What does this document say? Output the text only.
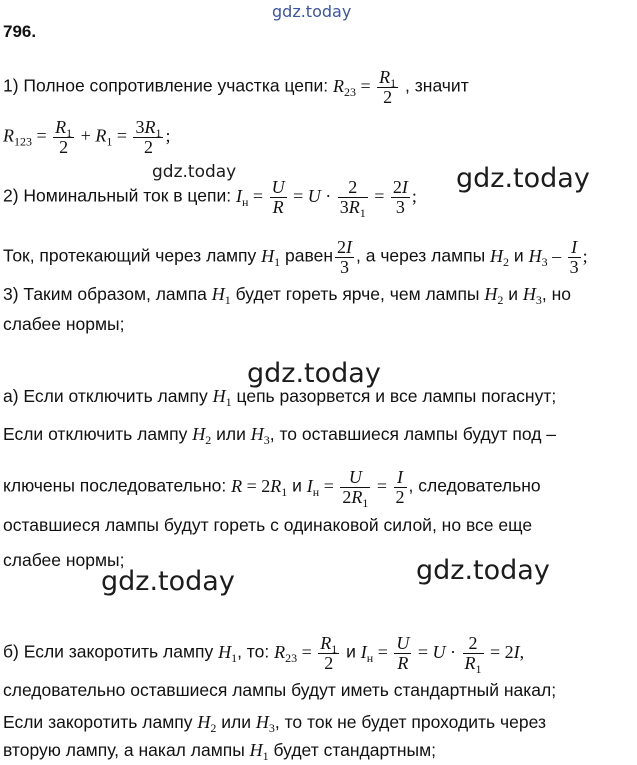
gdz.today
796.
1) Полное сопротивление участка цепи: $R_{23} = \frac{R_1}{2}$ , значит
$R_{123} = \frac{R_1}{2} + R_1 = \frac{3R_1}{2}$ ;
gdz.today
2) Номинальный ток в цепи: $I_н = \frac{U}{R} = U \cdot \frac{2}{3R_1} = \frac{2I}{3}$ ;
gdz.today
Ток, протекающий через лампу $H_1$ равен $\frac{2I}{3}$ , а через лампы $H_2$ и $H_3 - \frac{I}{3}$ ;
3) Таким образом, лампа $H_1$ будет гореть ярче, чем лампы $H_2$ и $H_3$, но
слабее нормы;
gdz.today
а) Если отключить лампу $H_1$ цепь разорвется и все лампы погаснут;
Если отключить лампу $H_2$ или $H_3$, то оставшиеся лампы будут под –
ключены последовательно: $R = 2R_1$ и $I_н = \frac{U}{2R_1} = \frac{I}{2}$ , следовательно
оставшиеся лампы будут гореть с одинаковой силой, но все еще
слабее нормы;
gdz.today	gdz.today
б) Если закоротить лампу $H_1$, то: $R_{23} = \frac{R_1}{2}$ и $I_н = \frac{U}{R} = U \cdot \frac{2}{R_1} = 2I$,
следовательно оставшиеся лампы будут иметь стандартный накал;
Если закоротить лампу $H_2$ или $H_3$, то ток не будет проходить через
вторую лампу, а накал лампы $H_1$ будет стандартным;
